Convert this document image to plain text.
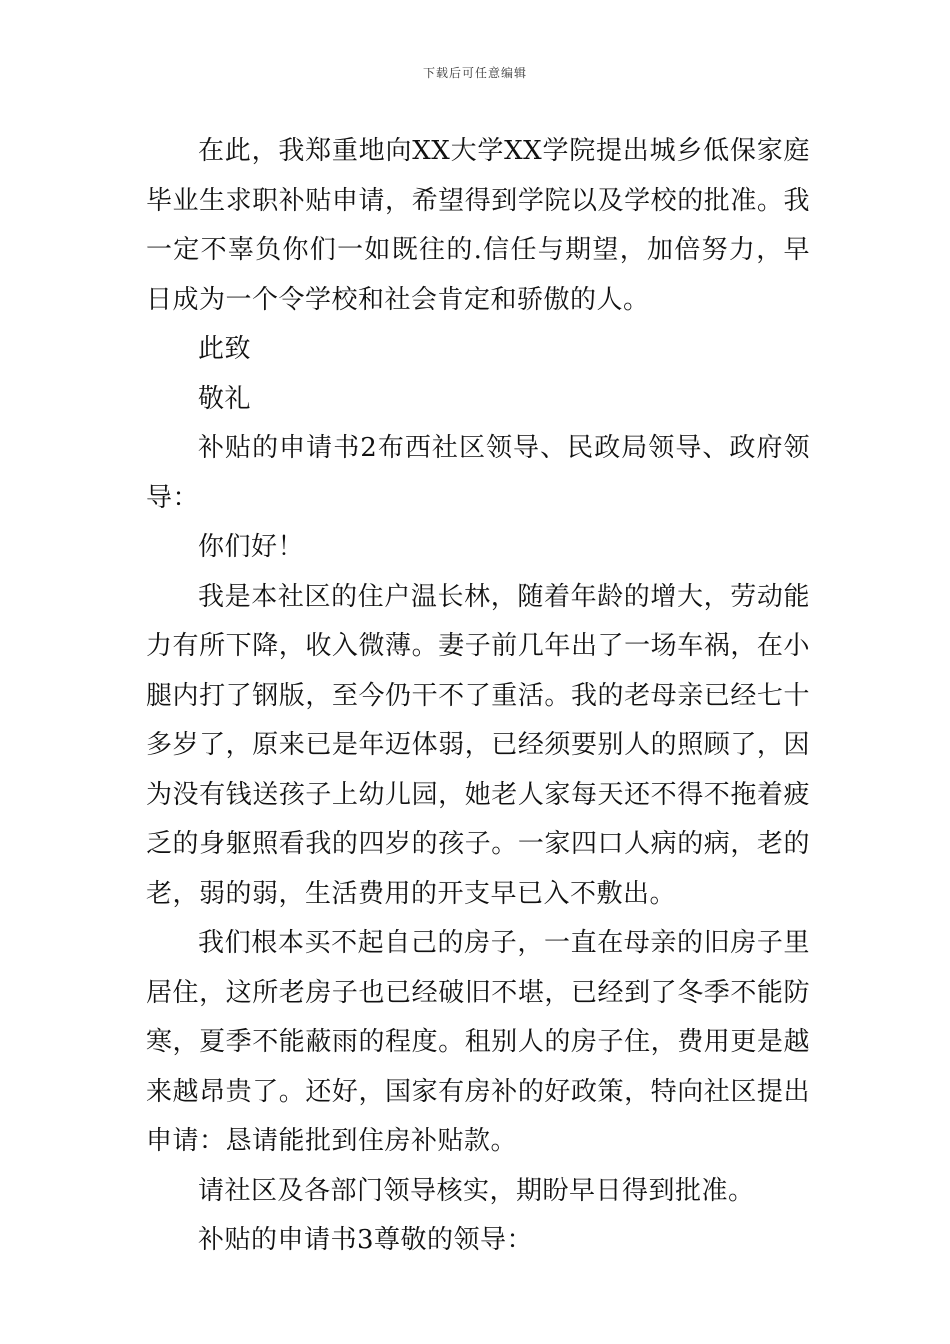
下载后可任意编辑

在此，我郑重地向XX大学XX学院提出城乡低保家庭毕业生求职补贴申请，希望得到学院以及学校的批准。我一定不辜负你们一如既往的.信任与期望，加倍努力，早日成为一个令学校和社会肯定和骄傲的人。

此致

敬礼

补贴的申请书2布西社区领导、民政局领导、政府领导：

你们好！

我是本社区的住户温长林，随着年龄的增大，劳动能力有所下降，收入微薄。妻子前几年出了一场车祸，在小腿内打了钢版，至今仍干不了重活。我的老母亲已经七十多岁了，原来已是年迈体弱，已经须要别人的照顾了，因为没有钱送孩子上幼儿园，她老人家每天还不得不拖着疲乏的身躯照看我的四岁的孩子。一家四口人病的病，老的老，弱的弱，生活费用的开支早已入不敷出。

我们根本买不起自己的房子，一直在母亲的旧房子里居住，这所老房子也已经破旧不堪，已经到了冬季不能防寒，夏季不能蔽雨的程度。租别人的房子住，费用更是越来越昂贵了。还好，国家有房补的好政策，特向社区提出申请：恳请能批到住房补贴款。

请社区及各部门领导核实，期盼早日得到批准。

补贴的申请书3尊敬的领导：
